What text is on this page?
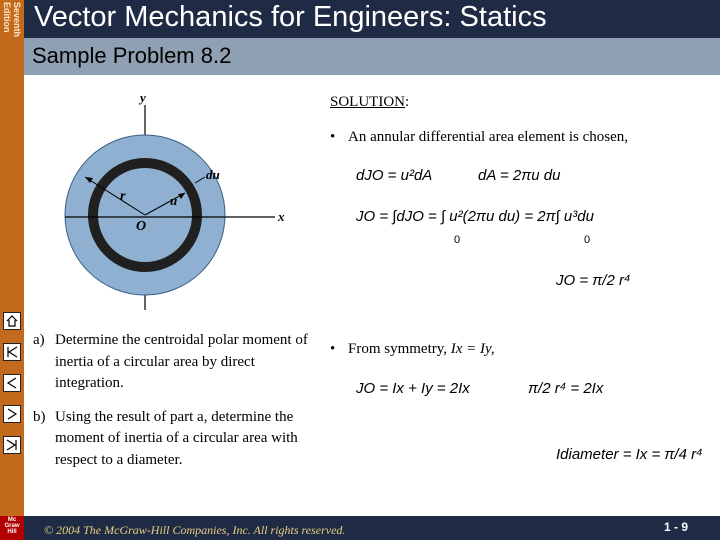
Seventh Edition
Mc Graw Hill
Vector Mechanics for Engineers: Statics
Sample Problem 8.2
y
x
O
r	u
du
SOLUTION:
• An annular differential area element is chosen,
dJO = u²dA	dA = 2πu du
JO = ∫dJO = ∫ u²(2πu du) = 2π∫ u³du
0	0
JO = π/2 r⁴
• From symmetry, Ix = Iy,
JO = Ix + Iy = 2Ix	π/2 r⁴ = 2Ix
Idiameter = Ix = π/4 r⁴
a) Determine the centroidal polar moment of inertia of a circular area by direct integration.
b) Using the result of part a, determine the moment of inertia of a circular area with respect to a diameter.
© 2004 The McGraw-Hill Companies, Inc. All rights reserved.	1 - 9
